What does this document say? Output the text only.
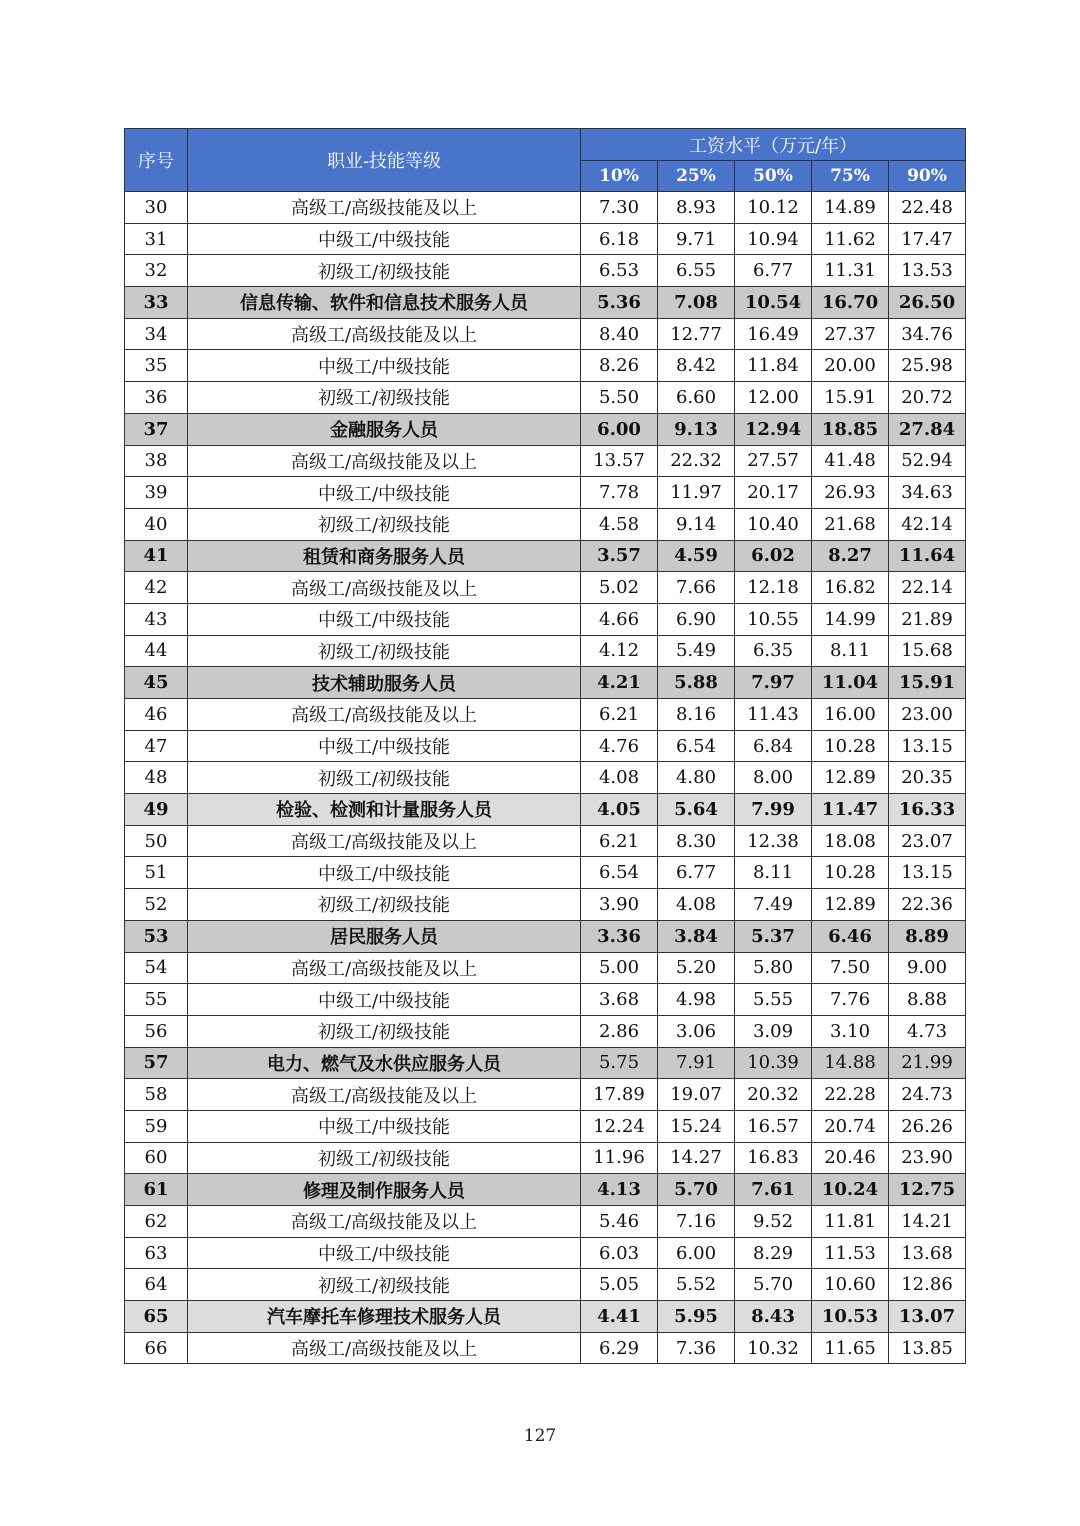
序号	职业-技能等级	工资水平（万元/年）				
		10%	25%	50%	75%	90%
30	高级工/高级技能及以上	7.30	8.93	10.12	14.89	22.48
31	中级工/中级技能	6.18	9.71	10.94	11.62	17.47
32	初级工/初级技能	6.53	6.55	6.77	11.31	13.53
33	信息传输、软件和信息技术服务人员	5.36	7.08	10.54	16.70	26.50
34	高级工/高级技能及以上	8.40	12.77	16.49	27.37	34.76
35	中级工/中级技能	8.26	8.42	11.84	20.00	25.98
36	初级工/初级技能	5.50	6.60	12.00	15.91	20.72
37	金融服务人员	6.00	9.13	12.94	18.85	27.84
38	高级工/高级技能及以上	13.57	22.32	27.57	41.48	52.94
39	中级工/中级技能	7.78	11.97	20.17	26.93	34.63
40	初级工/初级技能	4.58	9.14	10.40	21.68	42.14
41	租赁和商务服务人员	3.57	4.59	6.02	8.27	11.64
42	高级工/高级技能及以上	5.02	7.66	12.18	16.82	22.14
43	中级工/中级技能	4.66	6.90	10.55	14.99	21.89
44	初级工/初级技能	4.12	5.49	6.35	8.11	15.68
45	技术辅助服务人员	4.21	5.88	7.97	11.04	15.91
46	高级工/高级技能及以上	6.21	8.16	11.43	16.00	23.00
47	中级工/中级技能	4.76	6.54	6.84	10.28	13.15
48	初级工/初级技能	4.08	4.80	8.00	12.89	20.35
49	检验、检测和计量服务人员	4.05	5.64	7.99	11.47	16.33
50	高级工/高级技能及以上	6.21	8.30	12.38	18.08	23.07
51	中级工/中级技能	6.54	6.77	8.11	10.28	13.15
52	初级工/初级技能	3.90	4.08	7.49	12.89	22.36
53	居民服务人员	3.36	3.84	5.37	6.46	8.89
54	高级工/高级技能及以上	5.00	5.20	5.80	7.50	9.00
55	中级工/中级技能	3.68	4.98	5.55	7.76	8.88
56	初级工/初级技能	2.86	3.06	3.09	3.10	4.73
57	电力、燃气及水供应服务人员	5.75	7.91	10.39	14.88	21.99
58	高级工/高级技能及以上	17.89	19.07	20.32	22.28	24.73
59	中级工/中级技能	12.24	15.24	16.57	20.74	26.26
60	初级工/初级技能	11.96	14.27	16.83	20.46	23.90
61	修理及制作服务人员	4.13	5.70	7.61	10.24	12.75
62	高级工/高级技能及以上	5.46	7.16	9.52	11.81	14.21
63	中级工/中级技能	6.03	6.00	8.29	11.53	13.68
64	初级工/初级技能	5.05	5.52	5.70	10.60	12.86
65	汽车摩托车修理技术服务人员	4.41	5.95	8.43	10.53	13.07
66	高级工/高级技能及以上	6.29	7.36	10.32	11.65	13.85
127
